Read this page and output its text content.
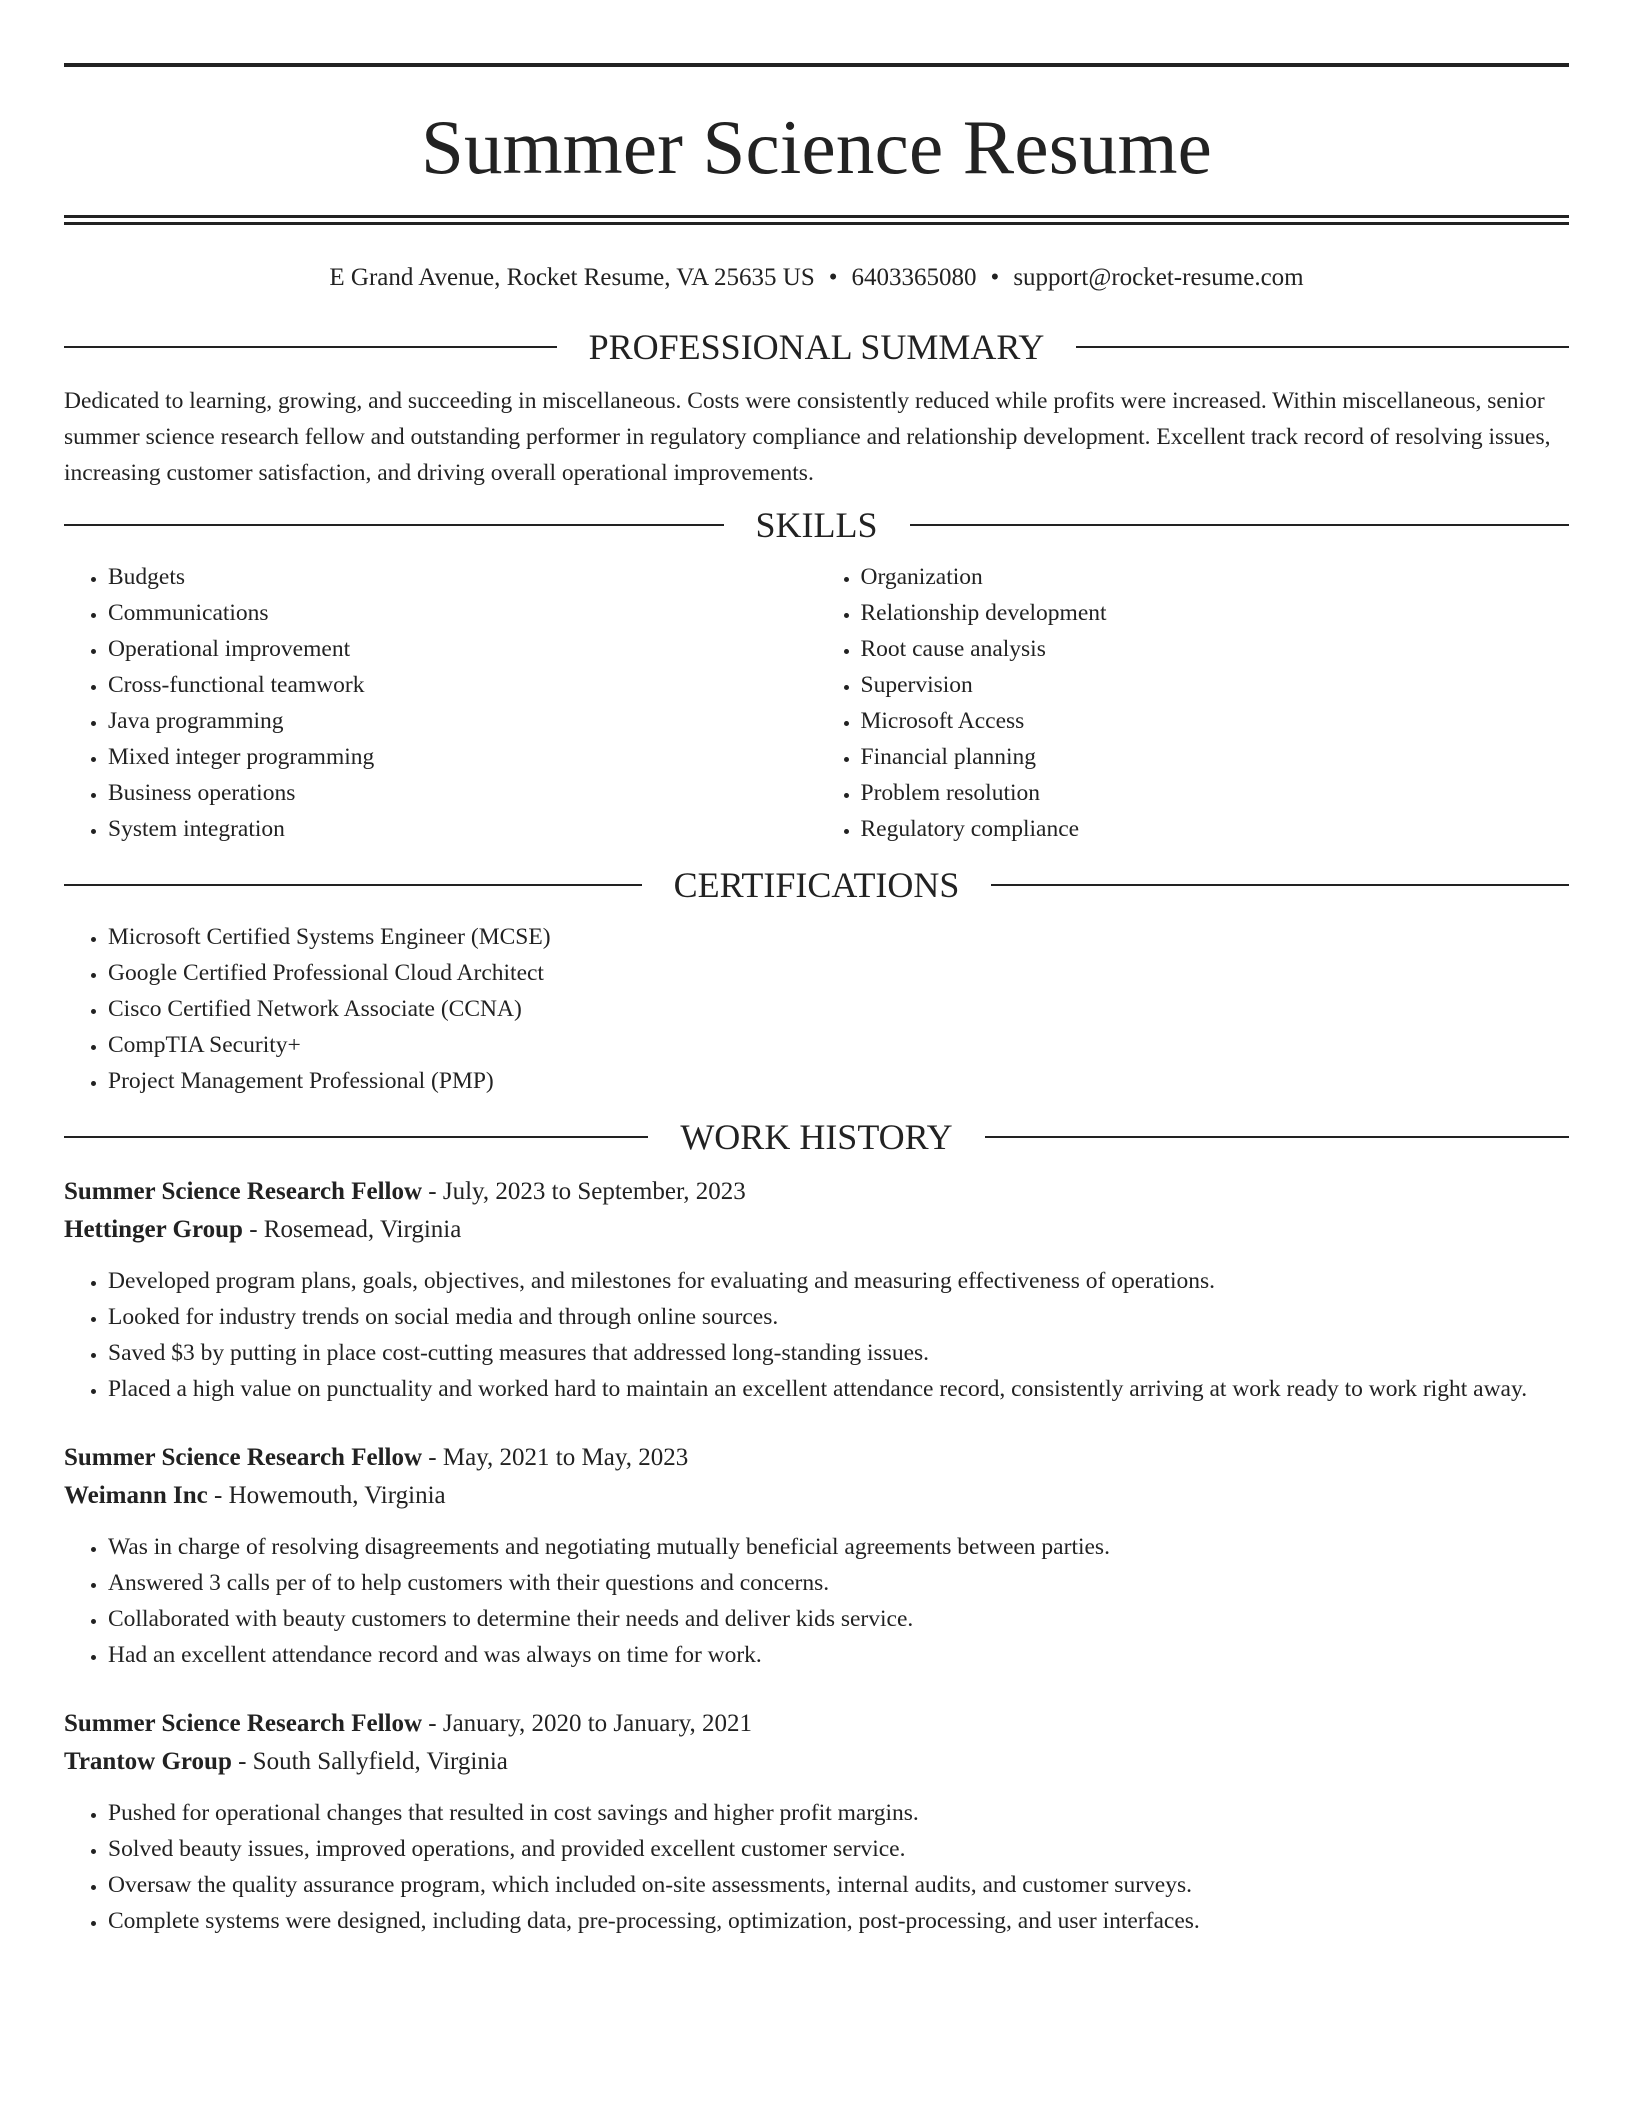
Summer Science Resume
E Grand Avenue, Rocket Resume, VA 25635 US • 6403365080 • support@rocket-resume.com
PROFESSIONAL SUMMARY

Dedicated to learning, growing, and succeeding in miscellaneous. Costs were consistently reduced while profits were increased. Within miscellaneous, senior summer science research fellow and outstanding performer in regulatory compliance and relationship development. Excellent track record of resolving issues, increasing customer satisfaction, and driving overall operational improvements.

SKILLS
• Budgets
• Communications
• Operational improvement
• Cross-functional teamwork
• Java programming
• Mixed integer programming
• Business operations
• System integration
• Organization
• Relationship development
• Root cause analysis
• Supervision
• Microsoft Access
• Financial planning
• Problem resolution
• Regulatory compliance
CERTIFICATIONS
• Microsoft Certified Systems Engineer (MCSE)
• Google Certified Professional Cloud Architect
• Cisco Certified Network Associate (CCNA)
• CompTIA Security+
• Project Management Professional (PMP)
WORK HISTORY
Summer Science Research Fellow - July, 2023 to September, 2023
Hettinger Group - Rosemead, Virginia
• Developed program plans, goals, objectives, and milestones for evaluating and measuring effectiveness of operations.
• Looked for industry trends on social media and through online sources.
• Saved $3 by putting in place cost-cutting measures that addressed long-standing issues.
• Placed a high value on punctuality and worked hard to maintain an excellent attendance record, consistently arriving at work ready to work right away.
Summer Science Research Fellow - May, 2021 to May, 2023
Weimann Inc - Howemouth, Virginia
• Was in charge of resolving disagreements and negotiating mutually beneficial agreements between parties.
• Answered 3 calls per of to help customers with their questions and concerns.
• Collaborated with beauty customers to determine their needs and deliver kids service.
• Had an excellent attendance record and was always on time for work.
Summer Science Research Fellow - January, 2020 to January, 2021
Trantow Group - South Sallyfield, Virginia
• Pushed for operational changes that resulted in cost savings and higher profit margins.
• Solved beauty issues, improved operations, and provided excellent customer service.
• Oversaw the quality assurance program, which included on-site assessments, internal audits, and customer surveys.
• Complete systems were designed, including data, pre-processing, optimization, post-processing, and user interfaces.
